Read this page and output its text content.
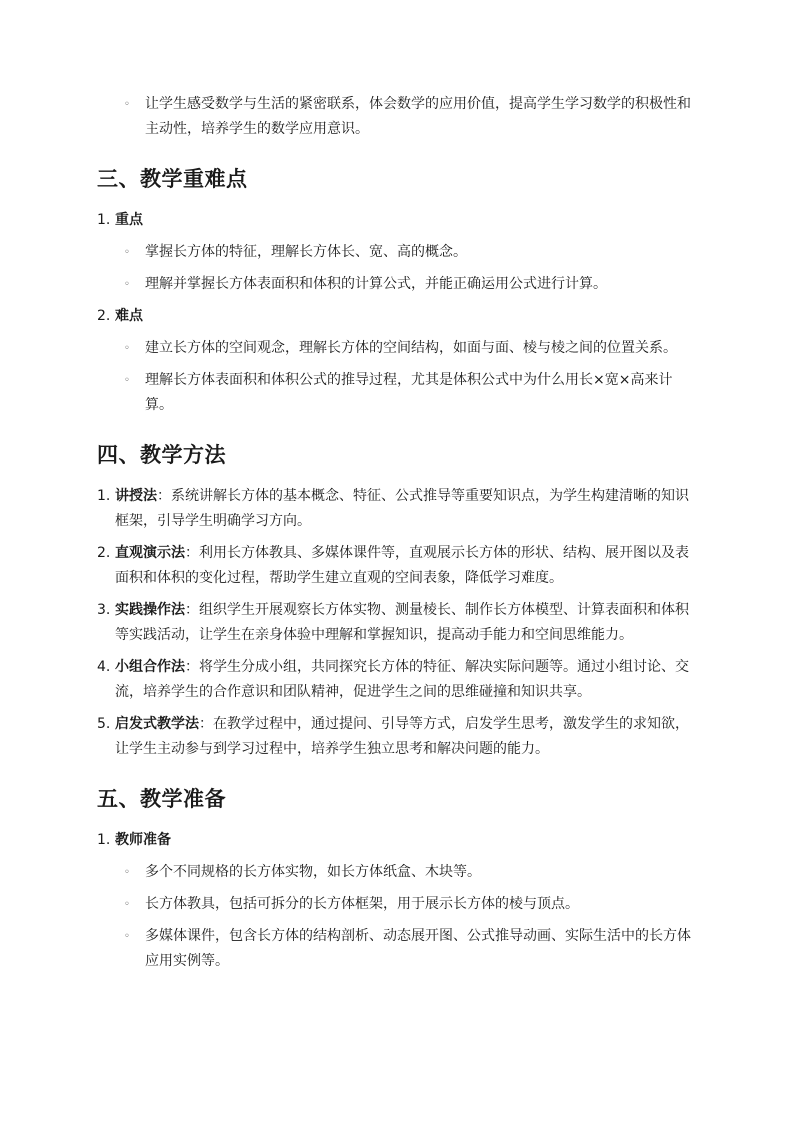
◦ 让学生感受数学与生活的紧密联系，体会数学的应用价值，提高学生学习数学的积极性和主动性，培养学生的数学应用意识。
三、教学重难点
1. 重点
◦ 掌握长方体的特征，理解长方体长、宽、高的概念。
◦ 理解并掌握长方体表面积和体积的计算公式，并能正确运用公式进行计算。
2. 难点
◦ 建立长方体的空间观念，理解长方体的空间结构，如面与面、棱与棱之间的位置关系。
◦ 理解长方体表面积和体积公式的推导过程，尤其是体积公式中为什么用长×宽×高来计算。
四、教学方法
1. 讲授法：系统讲解长方体的基本概念、特征、公式推导等重要知识点，为学生构建清晰的知识框架，引导学生明确学习方向。
2. 直观演示法：利用长方体教具、多媒体课件等，直观展示长方体的形状、结构、展开图以及表面积和体积的变化过程，帮助学生建立直观的空间表象，降低学习难度。
3. 实践操作法：组织学生开展观察长方体实物、测量棱长、制作长方体模型、计算表面积和体积等实践活动，让学生在亲身体验中理解和掌握知识，提高动手能力和空间思维能力。
4. 小组合作法：将学生分成小组，共同探究长方体的特征、解决实际问题等。通过小组讨论、交流，培养学生的合作意识和团队精神，促进学生之间的思维碰撞和知识共享。
5. 启发式教学法：在教学过程中，通过提问、引导等方式，启发学生思考，激发学生的求知欲，让学生主动参与到学习过程中，培养学生独立思考和解决问题的能力。
五、教学准备
1. 教师准备
◦ 多个不同规格的长方体实物，如长方体纸盒、木块等。
◦ 长方体教具，包括可拆分的长方体框架，用于展示长方体的棱与顶点。
◦ 多媒体课件，包含长方体的结构剖析、动态展开图、公式推导动画、实际生活中的长方体应用实例等。
